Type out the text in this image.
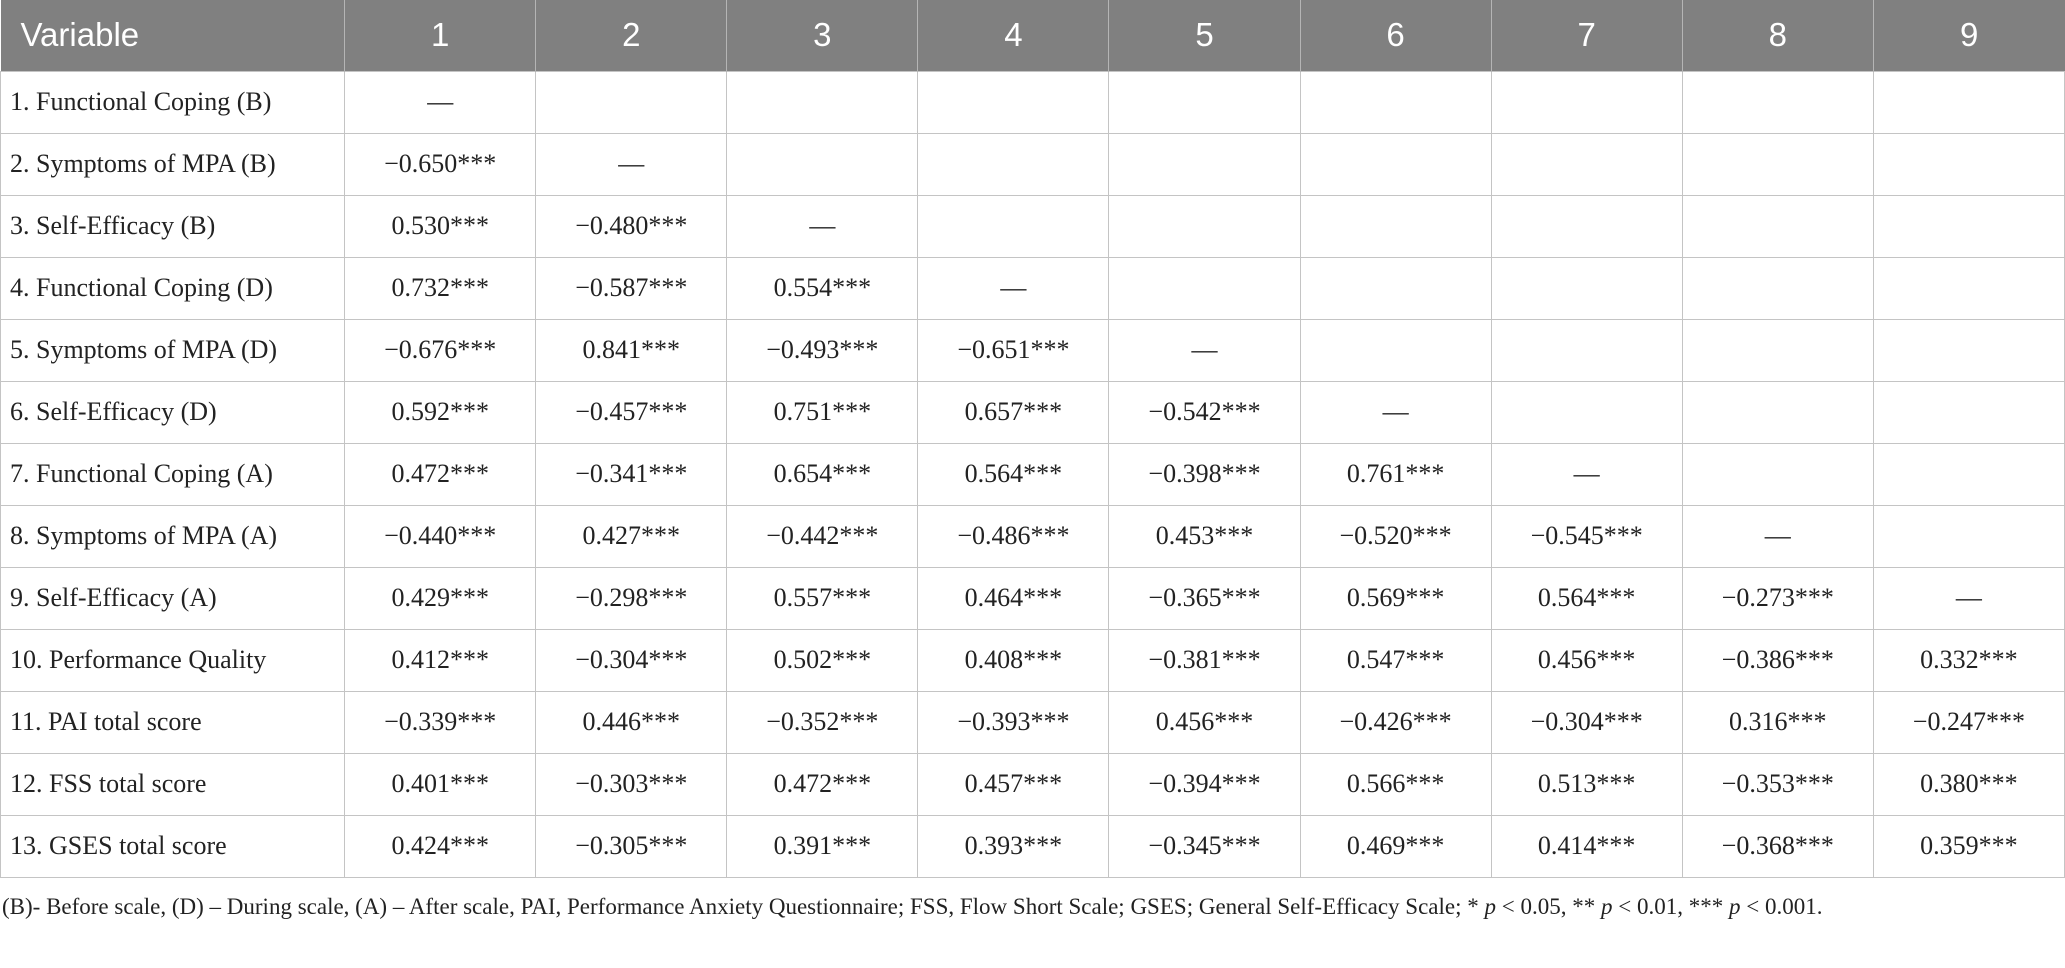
Variable	1	2	3	4	5	6	7	8	9
1. Functional Coping (B)	—								
2. Symptoms of MPA (B)	−0.650***	—							
3. Self-Efficacy (B)	0.530***	−0.480***	—						
4. Functional Coping (D)	0.732***	−0.587***	0.554***	—					
5. Symptoms of MPA (D)	−0.676***	0.841***	−0.493***	−0.651***	—				
6. Self-Efficacy (D)	0.592***	−0.457***	0.751***	0.657***	−0.542***	—			
7. Functional Coping (A)	0.472***	−0.341***	0.654***	0.564***	−0.398***	0.761***	—		
8. Symptoms of MPA (A)	−0.440***	0.427***	−0.442***	−0.486***	0.453***	−0.520***	−0.545***	—	
9. Self-Efficacy (A)	0.429***	−0.298***	0.557***	0.464***	−0.365***	0.569***	0.564***	−0.273***	—
10. Performance Quality	0.412***	−0.304***	0.502***	0.408***	−0.381***	0.547***	0.456***	−0.386***	0.332***
11. PAI total score	−0.339***	0.446***	−0.352***	−0.393***	0.456***	−0.426***	−0.304***	0.316***	−0.247***
12. FSS total score	0.401***	−0.303***	0.472***	0.457***	−0.394***	0.566***	0.513***	−0.353***	0.380***
13. GSES total score	0.424***	−0.305***	0.391***	0.393***	−0.345***	0.469***	0.414***	−0.368***	0.359***
(B)- Before scale, (D) – During scale, (A) – After scale, PAI, Performance Anxiety Questionnaire; FSS, Flow Short Scale; GSES; General Self-Efficacy Scale; * p < 0.05, ** p < 0.01, *** p < 0.001.
